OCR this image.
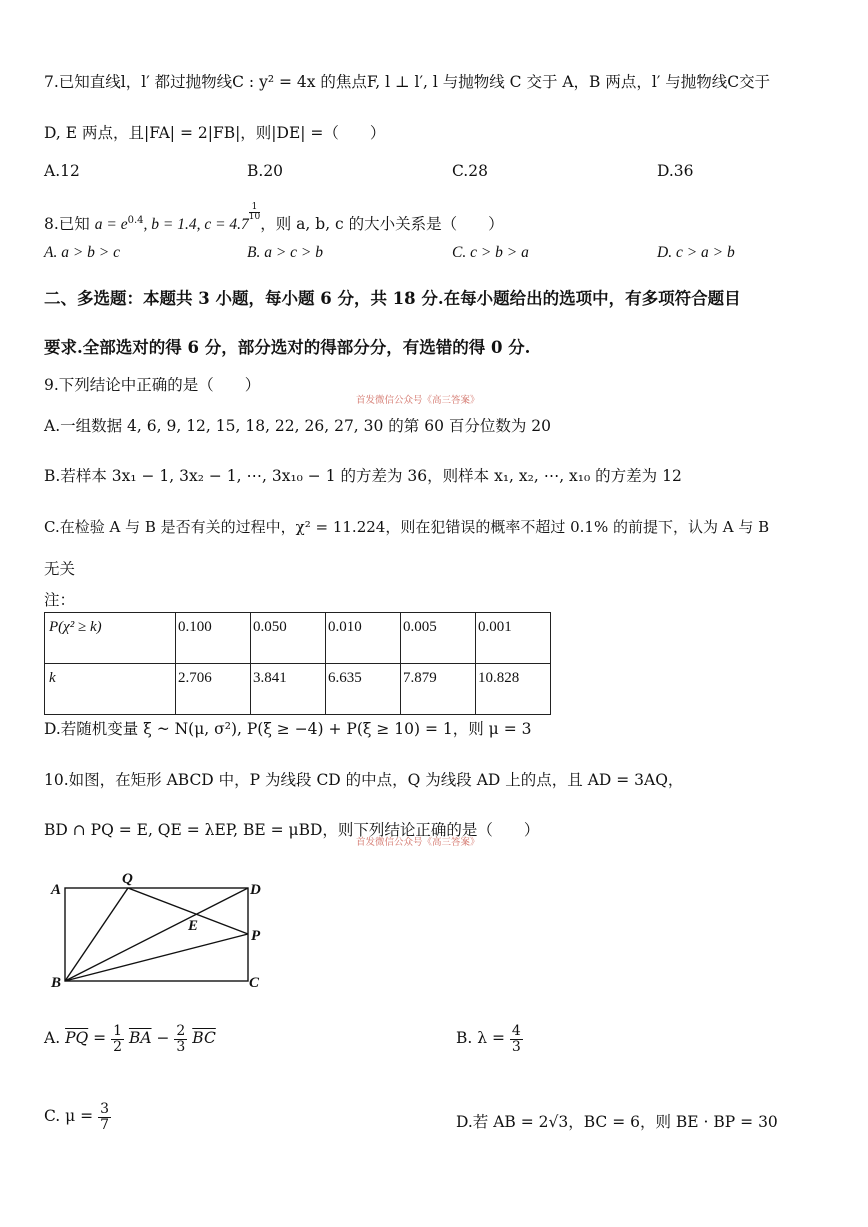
7.已知直线l，l′ 都过抛物线C : y² = 4x 的焦点F, l ⊥ l′, l 与抛物线 C 交于 A，B 两点，l′ 与抛物线C交于
D, E 两点，且|FA| = 2|FB|，则|DE| =（　　）
A.12	B.20	C.28	D.36
8.已知 $a = e^{0.4}$, b = 1.4, c = 4.7
$^{\frac{1}{10}}$
，则 a, b, c 的大小关系是（　　）
A. a > b > c	B. a > c > b	C. c > b > a	D. c > a > b
二、多选题：本题共 3 小题，每小题 6 分，共 18 分.在每小题给出的选项中，有多项符合题目
要求.全部选对的得 6 分，部分选对的得部分分，有选错的得 0 分.
9.下列结论中正确的是（　　）
首发微信公众号《高三答案》
A.一组数据 4, 6, 9, 12, 15, 18, 22, 26, 27, 30 的第 60 百分位数为 20
B.若样本 3x₁ − 1, 3x₂ − 1, ⋯, 3x₁₀ − 1 的方差为 36，则样本 x₁, x₂, ⋯, x₁₀ 的方差为 12
C.在检验 A 与 B 是否有关的过程中，χ² = 11.224，则在犯错误的概率不超过 0.1% 的前提下，认为 A 与 B
无关
注：
P(χ² ≥ k)	0.100	0.050	0.010	0.005	0.001
k	2.706	3.841	6.635	7.879	10.828
D.若随机变量 ξ ~ N(μ, σ²), P(ξ ≥ −4) + P(ξ ≥ 10) = 1，则 μ = 3
10.如图，在矩形 ABCD 中，P 为线段 CD 的中点，Q 为线段 AD 上的点，且 AD = 3AQ，
BD ∩ PQ = E, QE = λEP, BE = μBD，则下列结论正确的是（　　）
首发微信公众号《高三答案》
A
Q
D
E
P
B	C
A. $\overline{PQ} = \frac{1}{2} \overline{BA} - \frac{2}{3} \overline{BC}$	B. $\lambda = \frac{4}{3}$
C. $\mu = \frac{3}{7}$	D.若 AB = 2√3，BC = 6，则 BE · BP = 30
